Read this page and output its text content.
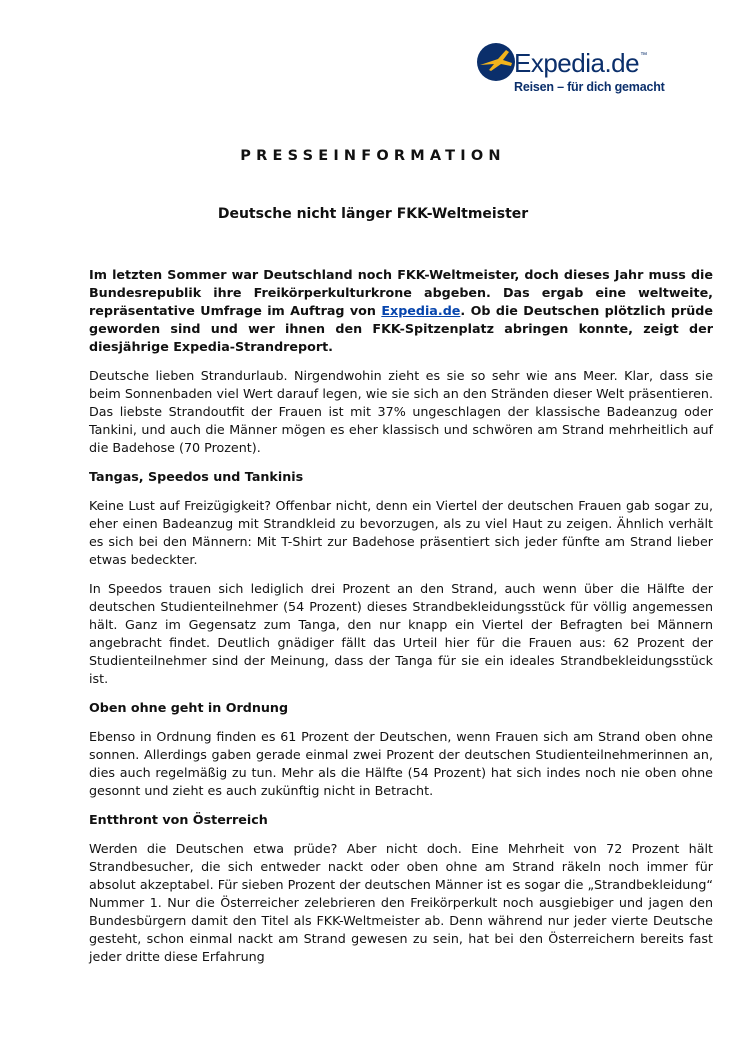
Expedia.de™
Reisen – für dich gemacht
PRESSEINFORMATION
Deutsche nicht länger FKK-Weltmeister

Im letzten Sommer war Deutschland noch FKK-Weltmeister, doch dieses Jahr muss die Bundesrepublik ihre Freikörperkulturkrone abgeben. Das ergab eine weltweite, repräsentative Umfrage im Auftrag von Expedia.de. Ob die Deutschen plötzlich prüde geworden sind und wer ihnen den FKK-Spitzenplatz abringen konnte, zeigt der diesjährige Expedia-Strandreport.

Deutsche lieben Strandurlaub. Nirgendwohin zieht es sie so sehr wie ans Meer. Klar, dass sie beim Sonnenbaden viel Wert darauf legen, wie sie sich an den Stränden dieser Welt präsentieren. Das liebste Strandoutfit der Frauen ist mit 37% ungeschlagen der klassische Badeanzug oder Tankini, und auch die Männer mögen es eher klassisch und schwören am Strand mehrheitlich auf die Badehose (70 Prozent).

Tangas, Speedos und Tankinis

Keine Lust auf Freizügigkeit? Offenbar nicht, denn ein Viertel der deutschen Frauen gab sogar zu, eher einen Badeanzug mit Strandkleid zu bevorzugen, als zu viel Haut zu zeigen. Ähnlich verhält es sich bei den Männern: Mit T-Shirt zur Badehose präsentiert sich jeder fünfte am Strand lieber etwas bedeckter.

In Speedos trauen sich lediglich drei Prozent an den Strand, auch wenn über die Hälfte der deutschen Studienteilnehmer (54 Prozent) dieses Strandbekleidungsstück für völlig angemessen hält. Ganz im Gegensatz zum Tanga, den nur knapp ein Viertel der Befragten bei Männern angebracht findet. Deutlich gnädiger fällt das Urteil hier für die Frauen aus: 62 Prozent der Studienteilnehmer sind der Meinung, dass der Tanga für sie ein ideales Strandbekleidungsstück ist.

Oben ohne geht in Ordnung

Ebenso in Ordnung finden es 61 Prozent der Deutschen, wenn Frauen sich am Strand oben ohne sonnen. Allerdings gaben gerade einmal zwei Prozent der deutschen Studienteilnehmerinnen an, dies auch regelmäßig zu tun. Mehr als die Hälfte (54 Prozent) hat sich indes noch nie oben ohne gesonnt und zieht es auch zukünftig nicht in Betracht.

Entthront von Österreich

Werden die Deutschen etwa prüde? Aber nicht doch. Eine Mehrheit von 72 Prozent hält Strandbesucher, die sich entweder nackt oder oben ohne am Strand räkeln noch immer für absolut akzeptabel. Für sieben Prozent der deutschen Männer ist es sogar die „Strandbekleidung“ Nummer 1. Nur die Österreicher zelebrieren den Freikörperkult noch ausgiebiger und jagen den Bundesbürgern damit den Titel als FKK-Weltmeister ab. Denn während nur jeder vierte Deutsche gesteht, schon einmal nackt am Strand gewesen zu sein, hat bei den Österreichern bereits fast jeder dritte diese Erfahrung
